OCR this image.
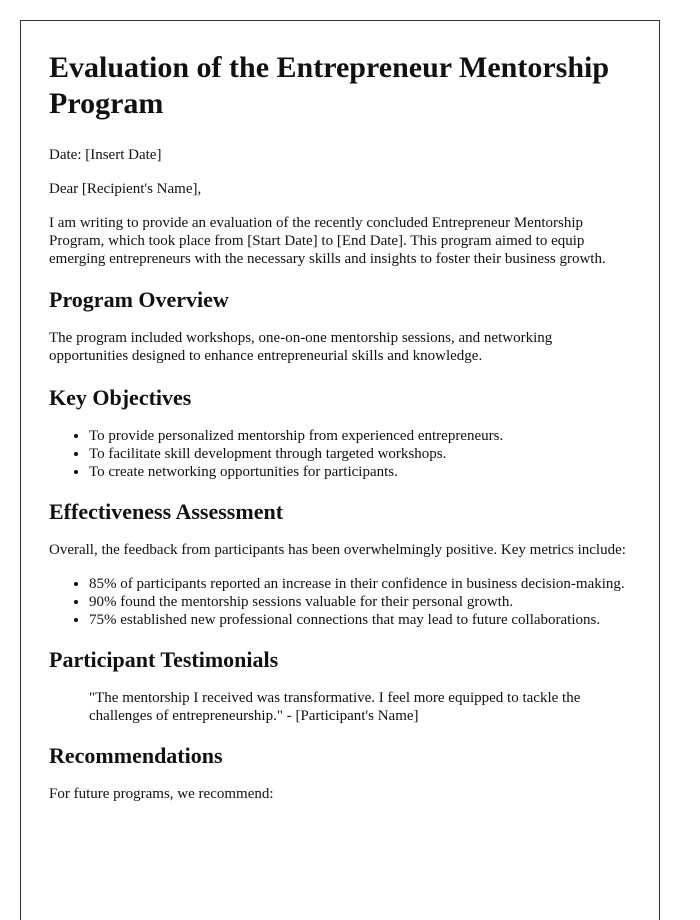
Evaluation of the Entrepreneur Mentorship Program

Date: [Insert Date]

Dear [Recipient's Name],

I am writing to provide an evaluation of the recently concluded Entrepreneur Mentorship Program, which took place from [Start Date] to [End Date]. This program aimed to equip emerging entrepreneurs with the necessary skills and insights to foster their business growth.

Program Overview

The program included workshops, one-on-one mentorship sessions, and networking opportunities designed to enhance entrepreneurial skills and knowledge.

Key Objectives
• To provide personalized mentorship from experienced entrepreneurs.
• To facilitate skill development through targeted workshops.
• To create networking opportunities for participants.
Effectiveness Assessment

Overall, the feedback from participants has been overwhelmingly positive. Key metrics include:

• 85% of participants reported an increase in their confidence in business decision-making.
• 90% found the mentorship sessions valuable for their personal growth.
• 75% established new professional connections that may lead to future collaborations.
Participant Testimonials
"The mentorship I received was transformative. I feel more equipped to tackle the challenges of entrepreneurship." - [Participant's Name]
Recommendations

For future programs, we recommend:
